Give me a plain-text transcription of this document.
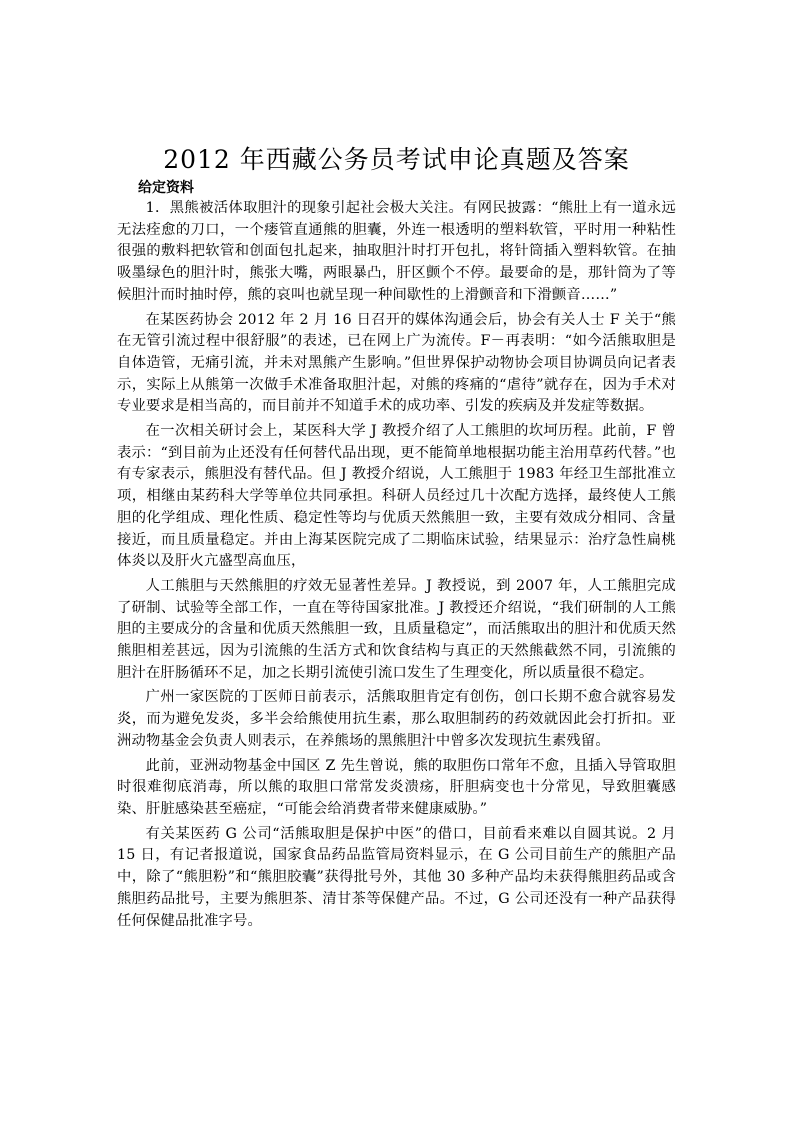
2012 年西藏公务员考试申论真题及答案
给定资料

1．黑熊被活体取胆汁的现象引起社会极大关注。有网民披露：“熊肚上有一道永远无法痊愈的刀口，一个瘘管直通熊的胆囊，外连一根透明的塑料软管，平时用一种粘性很强的敷料把软管和创面包扎起来，抽取胆汁时打开包扎，将针筒插入塑料软管。在抽吸墨绿色的胆汁时，熊张大嘴，两眼暴凸，肝区颤个不停。最要命的是，那针筒为了等候胆汁而时抽时停，熊的哀叫也就呈现一种间歇性的上滑颤音和下滑颤音……”

在某医药协会 2012 年 2 月 16 日召开的媒体沟通会后，协会有关人士 F 关于“熊在无管引流过程中很舒服”的表述，已在网上广为流传。F－再表明：“如今活熊取胆是自体造管，无痛引流，并未对黑熊产生影响。”但世界保护动物协会项目协调员向记者表示，实际上从熊第一次做手术准备取胆汁起，对熊的疼痛的“虐待”就存在，因为手术对专业要求是相当高的，而目前并不知道手术的成功率、引发的疾病及并发症等数据。

在一次相关研讨会上，某医科大学 J 教授介绍了人工熊胆的坎坷历程。此前，F 曾表示：“到目前为止还没有任何替代品出现，更不能简单地根据功能主治用草药代替。”也有专家表示，熊胆没有替代品。但 J 教授介绍说，人工熊胆于 1983 年经卫生部批准立项，相继由某药科大学等单位共同承担。科研人员经过几十次配方选择，最终使人工熊胆的化学组成、理化性质、稳定性等均与优质天然熊胆一致，主要有效成分相同、含量接近，而且质量稳定。并由上海某医院完成了二期临床试验，结果显示：治疗急性扁桃体炎以及肝火亢盛型高血压，

人工熊胆与天然熊胆的疗效无显著性差异。J 教授说，到 2007 年，人工熊胆完成了研制、试验等全部工作，一直在等待国家批准。J 教授还介绍说，“我们研制的人工熊胆的主要成分的含量和优质天然熊胆一致，且质量稳定”，而活熊取出的胆汁和优质天然熊胆相差甚远，因为引流熊的生活方式和饮食结构与真正的天然熊截然不同，引流熊的胆汁在肝肠循环不足，加之长期引流使引流口发生了生理变化，所以质量很不稳定。

广州一家医院的丁医师日前表示，活熊取胆肯定有创伤，创口长期不愈合就容易发炎，而为避免发炎，多半会给熊使用抗生素，那么取胆制药的药效就因此会打折扣。亚洲动物基金会负责人则表示，在养熊场的黑熊胆汁中曾多次发现抗生素残留。

此前，亚洲动物基金中国区 Z 先生曾说，熊的取胆伤口常年不愈，且插入导管取胆时很难彻底消毒，所以熊的取胆口常常发炎溃疡，肝胆病变也十分常见，导致胆囊感染、肝脏感染甚至癌症，“可能会给消费者带来健康威胁。”

有关某医药 G 公司“活熊取胆是保护中医”的借口，目前看来难以自圆其说。2 月 15 日，有记者报道说，国家食品药品监管局资料显示，在 G 公司目前生产的熊胆产品中，除了“熊胆粉”和“熊胆胶囊”获得批号外，其他 30 多种产品均未获得熊胆药品或含熊胆药品批号，主要为熊胆茶、清甘茶等保健产品。不过，G 公司还没有一种产品获得任何保健品批准字号。
